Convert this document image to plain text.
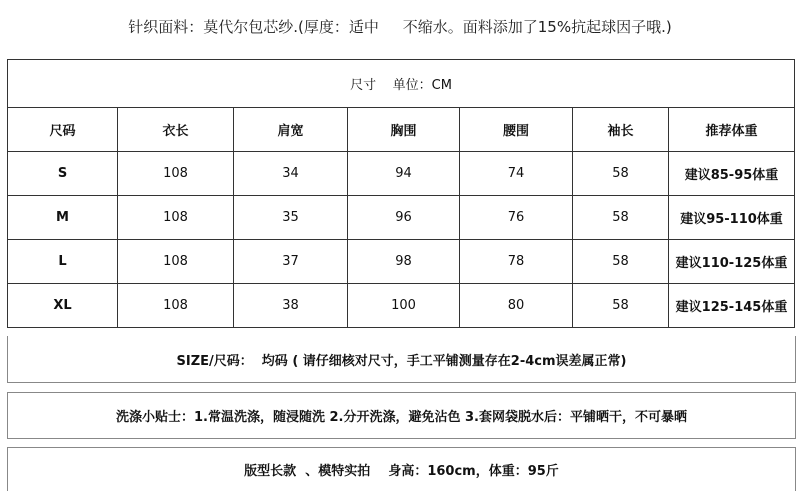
针织面料：莫代尔包芯纱.(厚度：适中     不缩水。面料添加了15%抗起球因子哦.)
尺寸    单位：CM						
尺码	衣长	肩宽	胸围	腰围	袖长	推荐体重
S	108	34	94	74	58	建议85-95体重
M	108	35	96	76	58	建议95-110体重
L	108	37	98	78	58	建议110-125体重
XL	108	38	100	80	58	建议125-145体重
SIZE/尺码：  均码 ( 请仔细核对尺寸，手工平铺测量存在2-4cm误差属正常)
洗涤小贴士：1.常温洗涤，随浸随洗 2.分开洗涤，避免沾色 3.套网袋脱水后：平铺晒干，不可暴晒
版型长款  、模特实拍    身高：160cm，体重：95斤
